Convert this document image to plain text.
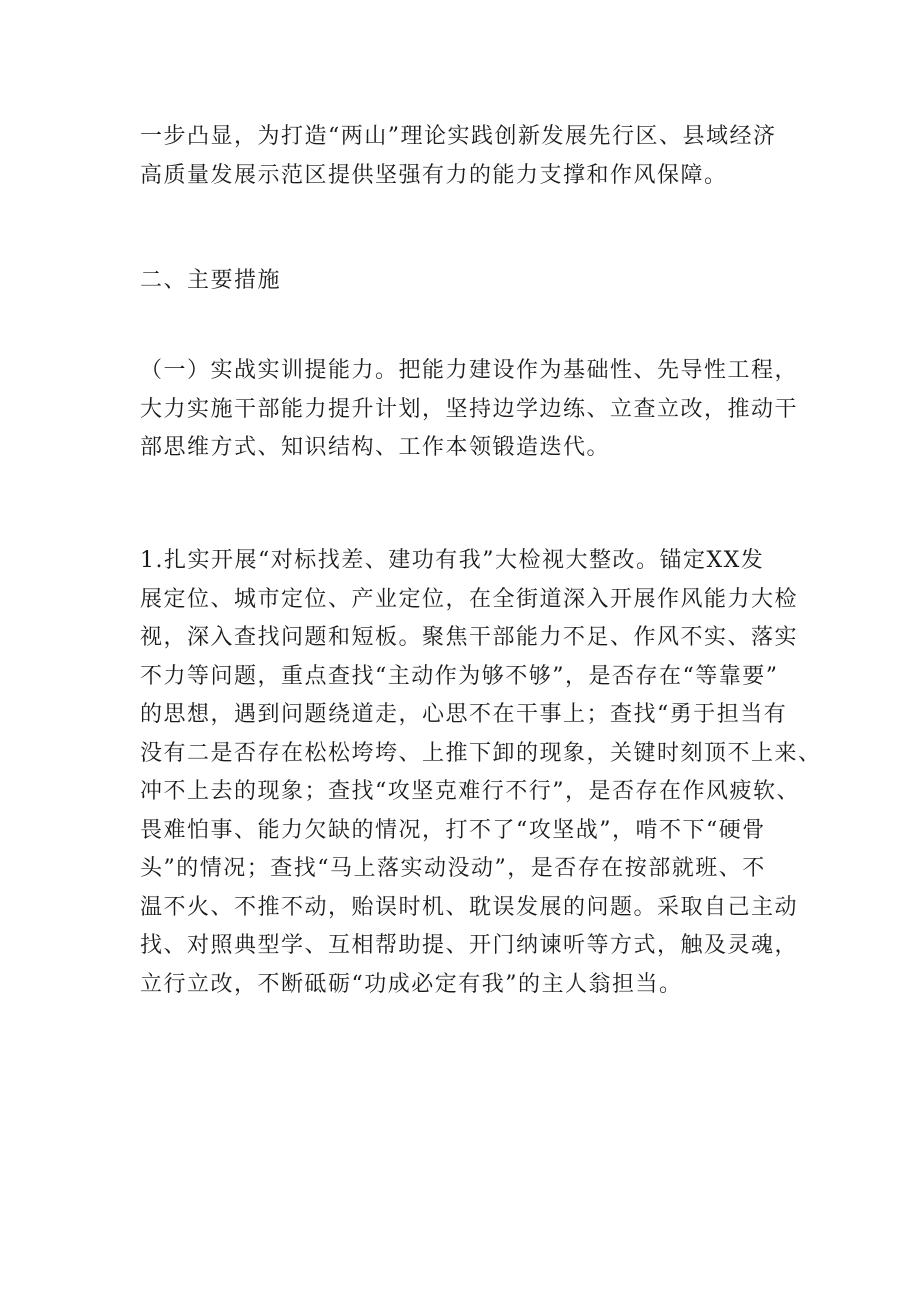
一步凸显，为打造“两山”理论实践创新发展先行区、县域经济
高质量发展示范区提供坚强有力的能力支撑和作风保障。

二、主要措施

（一）实战实训提能力。把能力建设作为基础性、先导性工程，
大力实施干部能力提升计划，坚持边学边练、立查立改，推动干
部思维方式、知识结构、工作本领锻造迭代。

1.扎实开展“对标找差、建功有我”大检视大整改。锚定XX发
展定位、城市定位、产业定位，在全街道深入开展作风能力大检
视，深入查找问题和短板。聚焦干部能力不足、作风不实、落实
不力等问题，重点查找“主动作为够不够”，是否存在“等靠要”
的思想，遇到问题绕道走，心思不在干事上；查找“勇于担当有
没有二是否存在松松垮垮、上推下卸的现象，关键时刻顶不上来、
冲不上去的现象；查找“攻坚克难行不行”，是否存在作风疲软、
畏难怕事、能力欠缺的情况，打不了“攻坚战”，啃不下“硬骨
头”的情况；查找“马上落实动没动”，是否存在按部就班、不
温不火、不推不动，贻误时机、耽误发展的问题。采取自己主动
找、对照典型学、互相帮助提、开门纳谏听等方式，触及灵魂，
立行立改，不断砥砺“功成必定有我”的主人翁担当。
